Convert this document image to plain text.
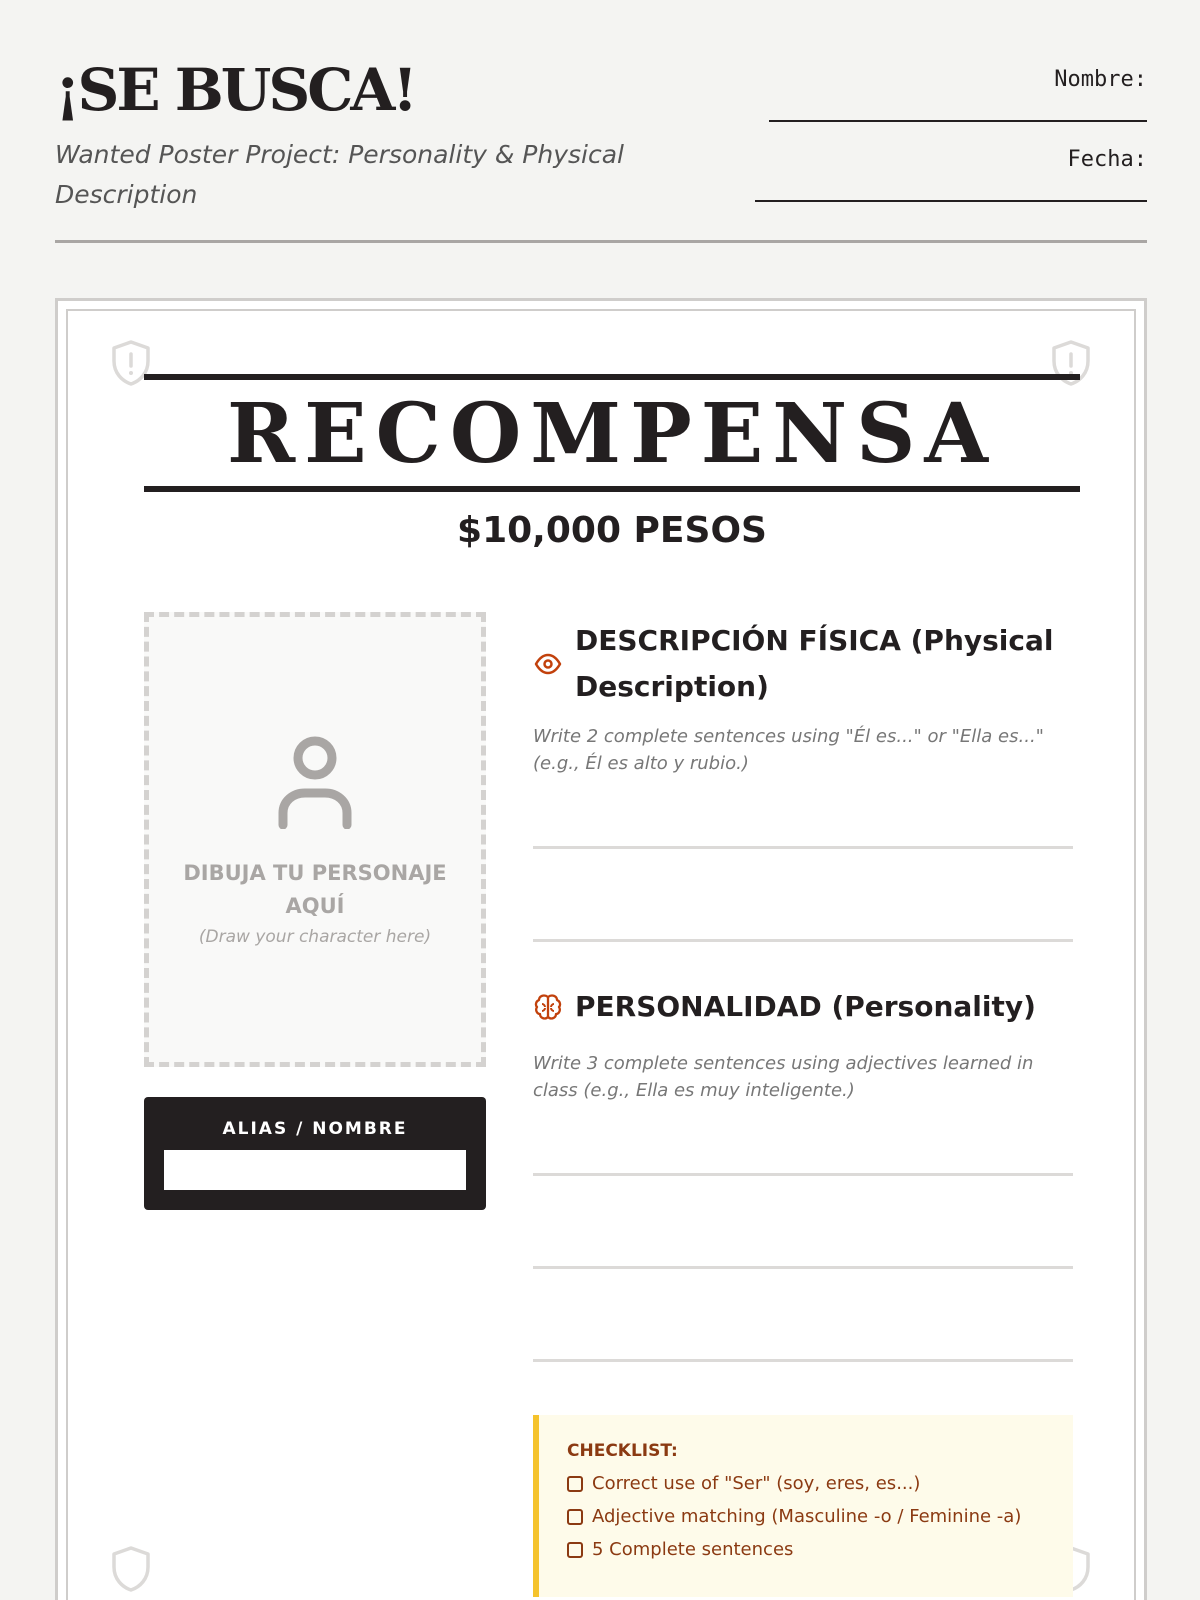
¡SE BUSCA!
Wanted Poster Project: Personality & Physical Description
Nombre:
Fecha:
RECOMPENSA
$10,000 PESOS
DIBUJA TU PERSONAJE AQUÍ
(Draw your character here)
ALIAS / NOMBRE
DESCRIPCIÓN FÍSICA (Physical Description)
Write 2 complete sentences using "Él es..." or "Ella es..." (e.g., Él es alto y rubio.)
PERSONALIDAD (Personality)
Write 3 complete sentences using adjectives learned in class (e.g., Ella es muy inteligente.)
CHECKLIST:
Correct use of "Ser" (soy, eres, es...)
Adjective matching (Masculine -o / Feminine -a)
5 Complete sentences
